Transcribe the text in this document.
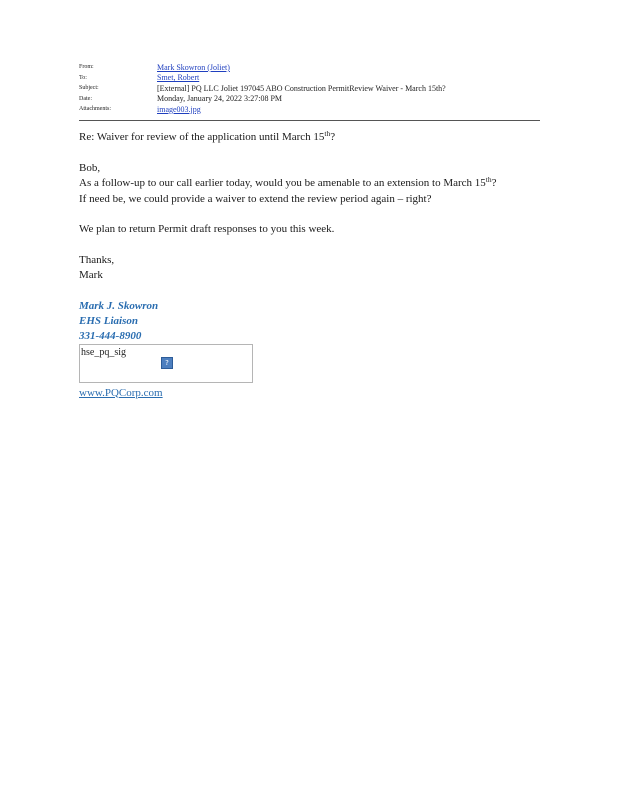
From:	Mark Skowron (Joliet)
To:	Smet, Robert
Subject:	[External] PQ LLC Joliet 197045 ABO Construction PermitReview Waiver - March 15th?
Date:	Monday, January 24, 2022 3:27:08 PM
Attachments:	image003.jpg

Re: Waiver for review of the application until March 15th?

Bob,

As a follow-up to our call earlier today, would you be amenable to an extension to March 15th?

If need be, we could provide a waiver to extend the review period again – right?

We plan to return Permit draft responses to you this week.

Thanks,

Mark

Mark J. Skowron
EHS Liaison
331-444-8900
hse_pq_sig
?
www.PQCorp.com
